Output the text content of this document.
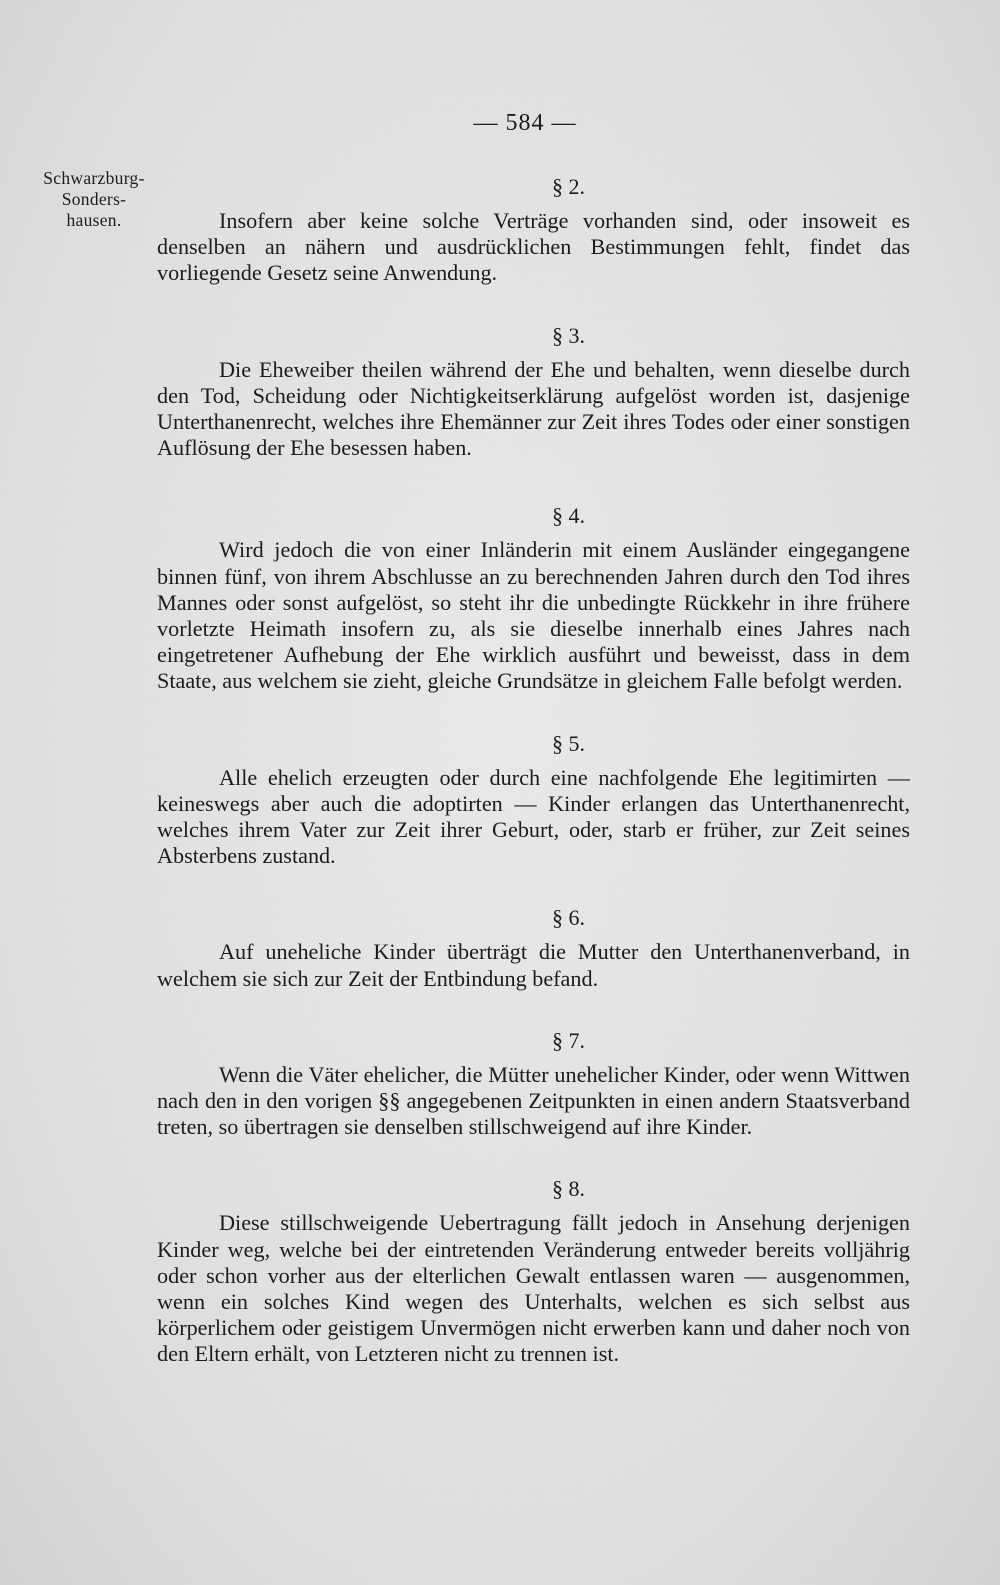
— 584 —
Schwarzburg-
Sonders-
hausen.
§ 2.

Insofern aber keine solche Verträge vorhanden sind, oder insoweit es denselben an nähern und ausdrücklichen Bestimmungen fehlt, findet das vorliegende Gesetz seine Anwendung.

§ 3.

Die Eheweiber theilen während der Ehe und behalten, wenn dieselbe durch den Tod, Scheidung oder Nichtigkeitserklärung aufgelöst worden ist, dasjenige Unterthanenrecht, welches ihre Ehemänner zur Zeit ihres Todes oder einer sonstigen Auflösung der Ehe besessen haben.

§ 4.

Wird jedoch die von einer Inländerin mit einem Ausländer eingegangene binnen fünf, von ihrem Abschlusse an zu berechnenden Jahren durch den Tod ihres Mannes oder sonst aufgelöst, so steht ihr die unbedingte Rückkehr in ihre frühere vorletzte Heimath insofern zu, als sie dieselbe innerhalb eines Jahres nach eingetretener Aufhebung der Ehe wirklich ausführt und beweisst, dass in dem Staate, aus welchem sie zieht, gleiche Grundsätze in gleichem Falle befolgt werden.

§ 5.

Alle ehelich erzeugten oder durch eine nachfolgende Ehe legitimirten — keineswegs aber auch die adoptirten — Kinder erlangen das Unterthanenrecht, welches ihrem Vater zur Zeit ihrer Geburt, oder, starb er früher, zur Zeit seines Absterbens zustand.

§ 6.

Auf uneheliche Kinder überträgt die Mutter den Unterthanenverband, in welchem sie sich zur Zeit der Entbindung befand.

§ 7.

Wenn die Väter ehelicher, die Mütter unehelicher Kinder, oder wenn Wittwen nach den in den vorigen §§ angegebenen Zeitpunkten in einen andern Staatsverband treten, so übertragen sie denselben stillschweigend auf ihre Kinder.

§ 8.

Diese stillschweigende Uebertragung fällt jedoch in Ansehung derjenigen Kinder weg, welche bei der eintretenden Veränderung entweder bereits volljährig oder schon vorher aus der elterlichen Gewalt entlassen waren — ausgenommen, wenn ein solches Kind wegen des Unterhalts, welchen es sich selbst aus körperlichem oder geistigem Unvermögen nicht erwerben kann und daher noch von den Eltern erhält, von Letzteren nicht zu trennen ist.
